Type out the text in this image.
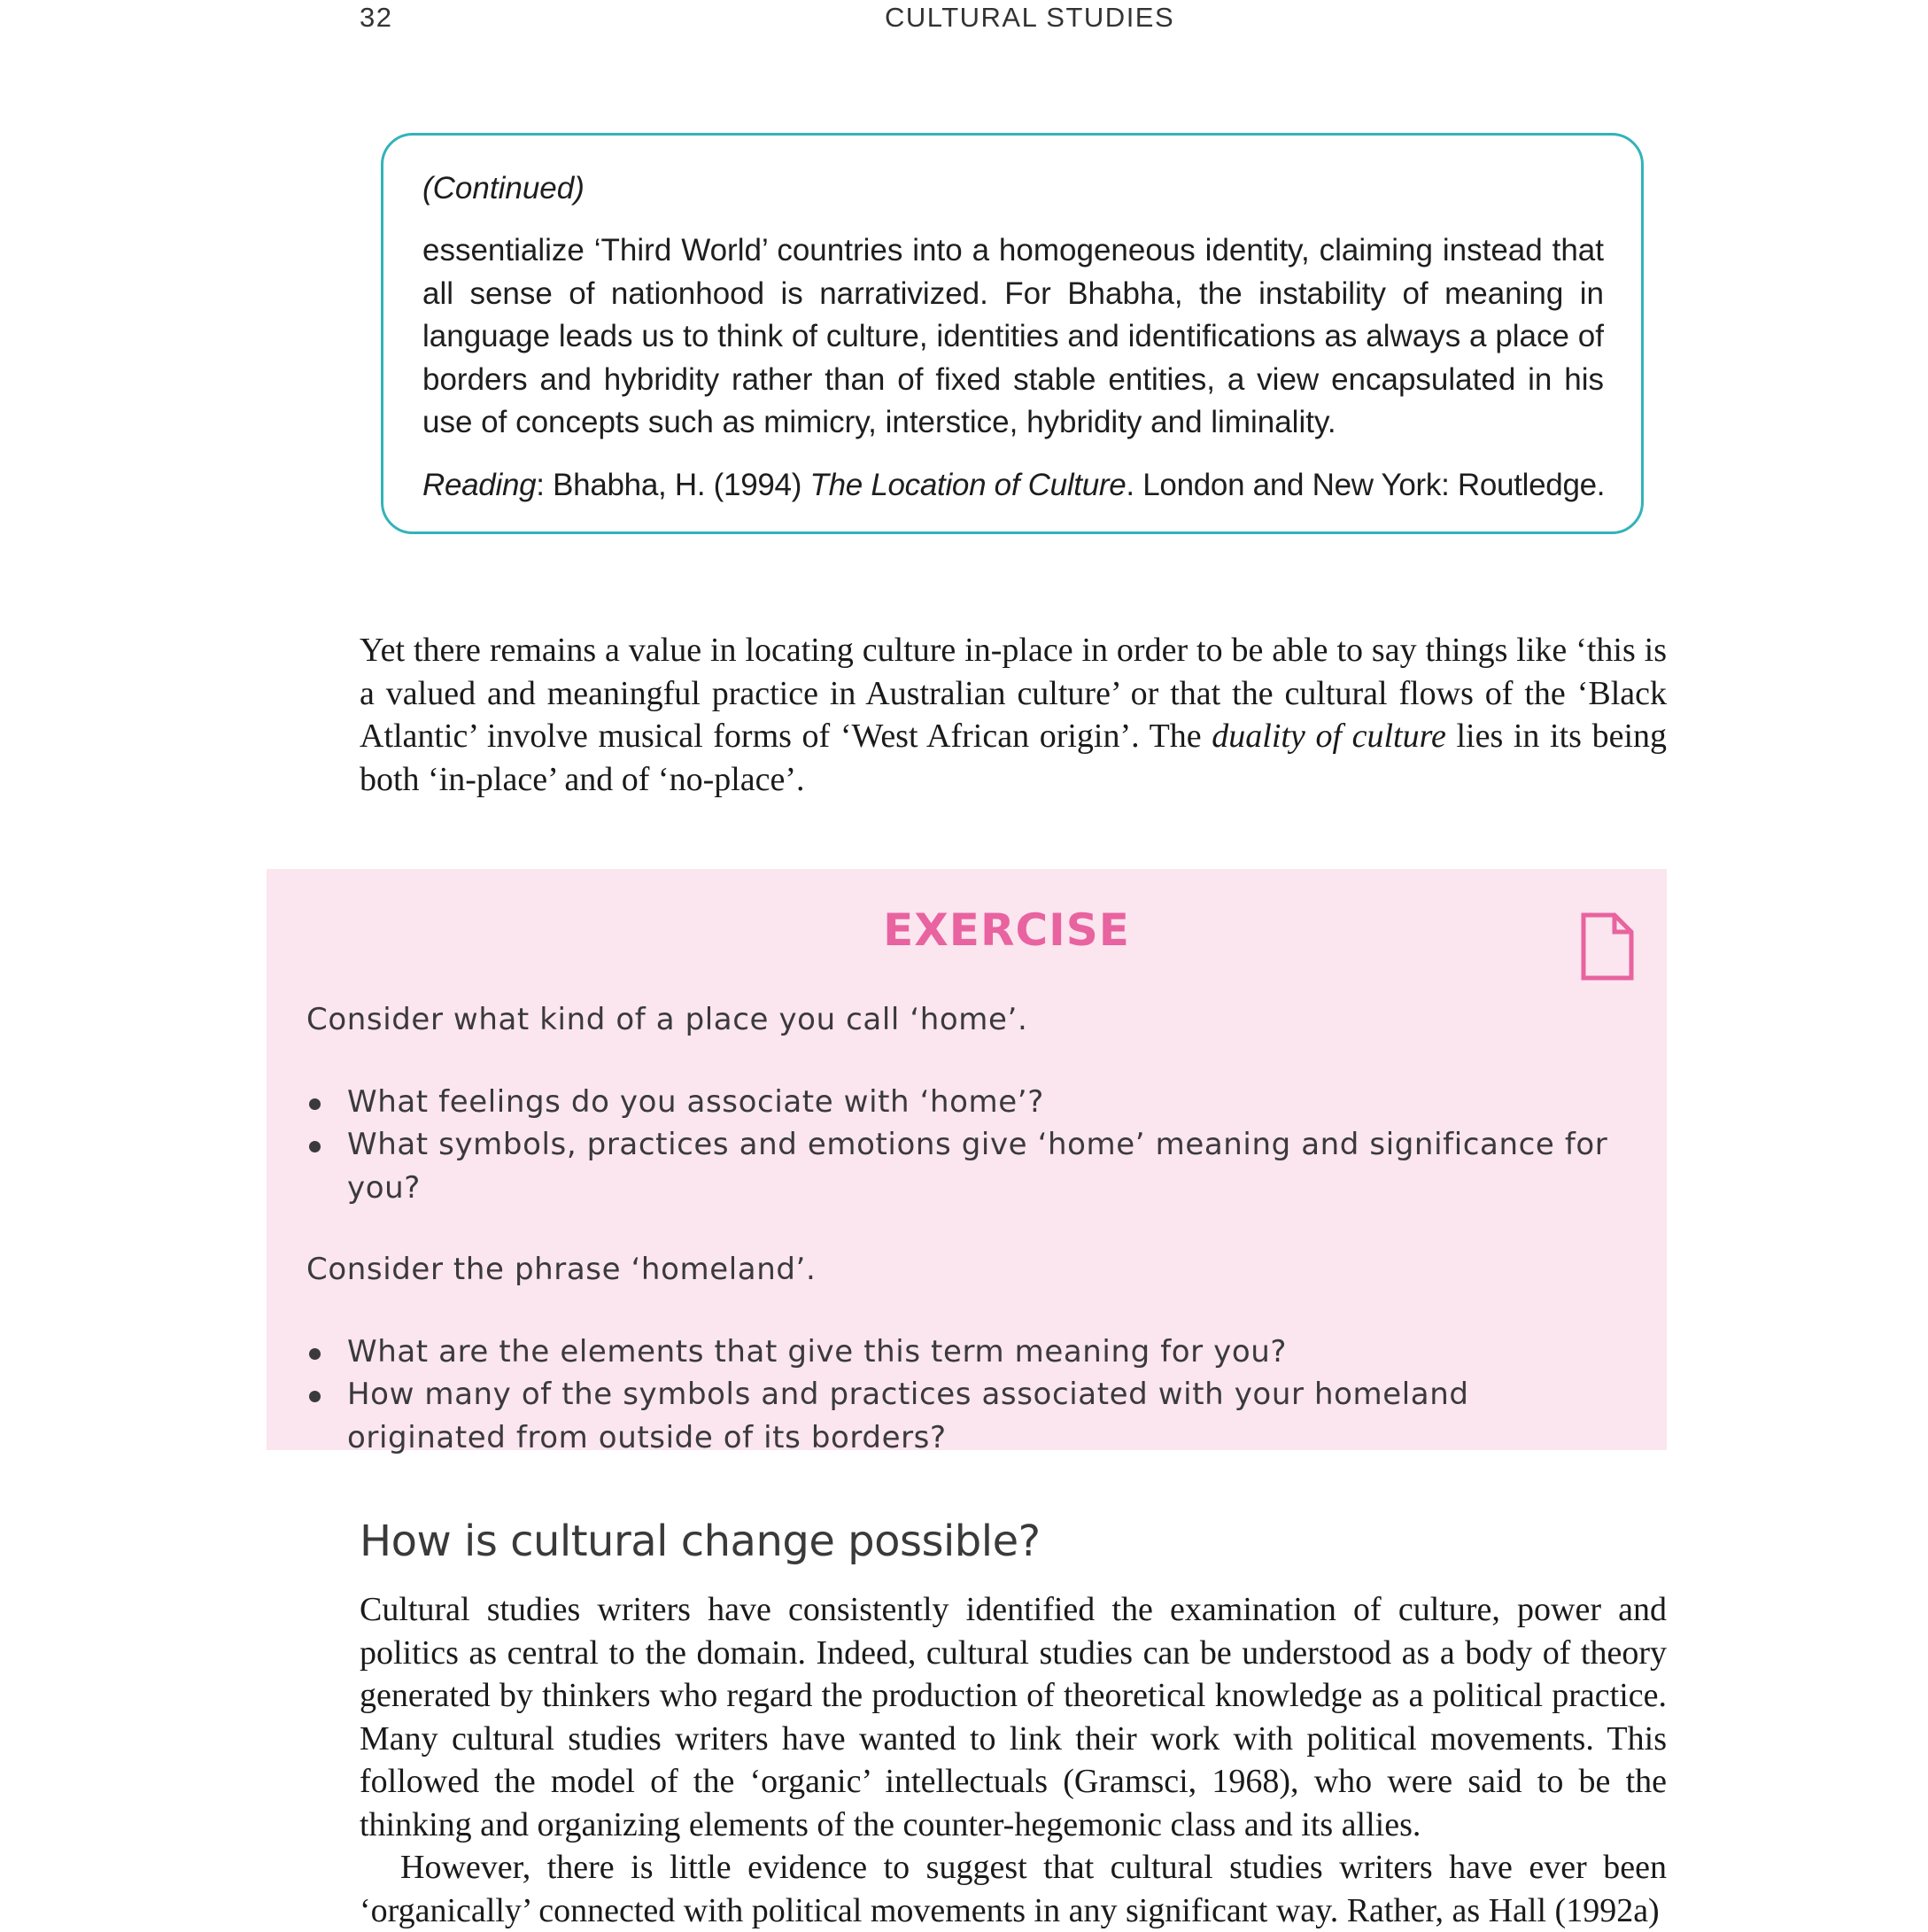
32	CULTURAL STUDIES

(Continued)

essentialize ‘Third World’ countries into a homogeneous identity, claiming instead that all sense of nationhood is narrativized. For Bhabha, the instability of meaning in language leads us to think of culture, identities and identifications as always a place of borders and hybridity rather than of fixed stable entities, a view encapsulated in his use of concepts such as mimicry, interstice, hybridity and liminality.

Reading: Bhabha, H. (1994) The Location of Culture. London and New York: Routledge.

Yet there remains a value in locating culture in-place in order to be able to say things like ‘this is a valued and meaningful practice in Australian culture’ or that the cultural flows of the ‘Black Atlantic’ involve musical forms of ‘West African origin’. The duality of culture lies in its being both ‘in-place’ and of ‘no-place’.

EXERCISE

Consider what kind of a place you call ‘home’.

What feelings do you associate with ‘home’?
What symbols, practices and emotions give ‘home’ meaning and significance for you?

Consider the phrase ‘homeland’.

What are the elements that give this term meaning for you?
How many of the symbols and practices associated with your homeland originated from outside of its borders?
How is cultural change possible?

Cultural studies writers have consistently identified the examination of culture, power and politics as central to the domain. Indeed, cultural studies can be understood as a body of theory generated by thinkers who regard the production of theoretical knowledge as a political practice. Many cultural studies writers have wanted to link their work with political movements. This followed the model of the ‘organic’ intellectuals (Gramsci, 1968), who were said to be the thinking and organizing elements of the counter-hegemonic class and its allies.

However, there is little evidence to suggest that cultural studies writers have ever been ‘organically’ connected with political movements in any significant way. Rather, as Hall (1992a)
